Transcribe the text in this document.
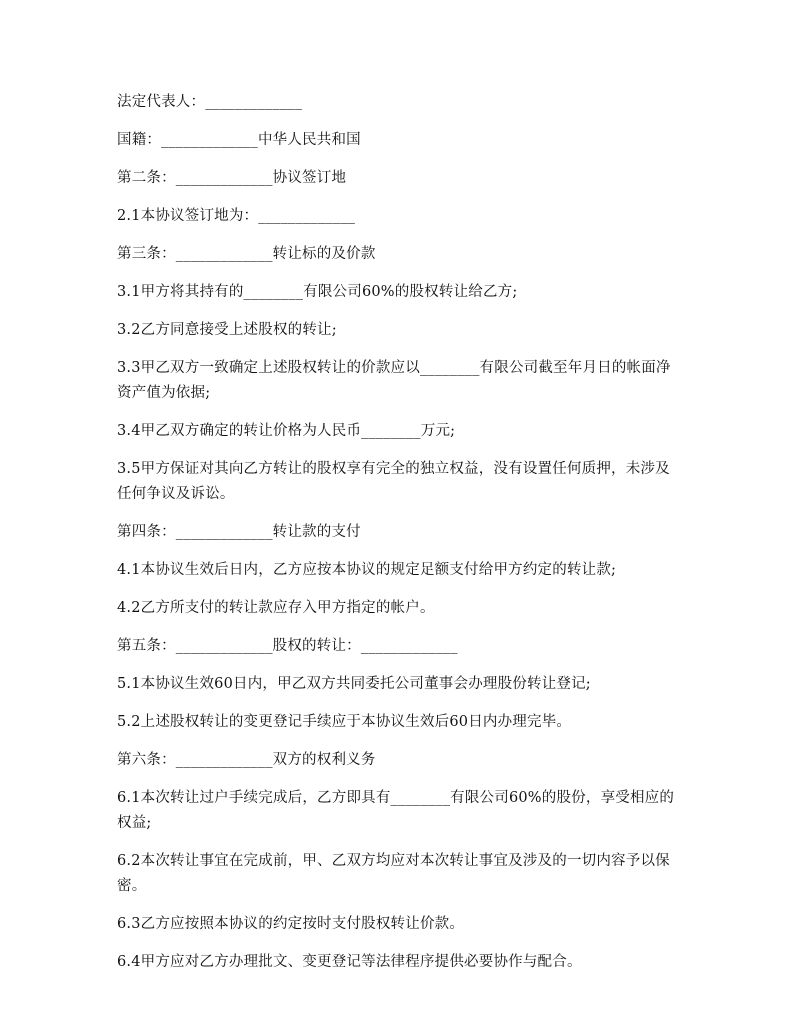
法定代表人：_____________

国籍：_____________中华人民共和国

第二条：_____________协议签订地

2.1本协议签订地为：_____________

第三条：_____________转让标的及价款

3.1甲方将其持有的________有限公司60%的股权转让给乙方;

3.2乙方同意接受上述股权的转让;

3.3甲乙双方一致确定上述股权转让的价款应以________有限公司截至年月日的帐面净资产值为依据;

3.4甲乙双方确定的转让价格为人民币________万元;

3.5甲方保证对其向乙方转让的股权享有完全的独立权益，没有设置任何质押，未涉及任何争议及诉讼。

第四条：_____________转让款的支付

4.1本协议生效后日内，乙方应按本协议的规定足额支付给甲方约定的转让款;

4.2乙方所支付的转让款应存入甲方指定的帐户。

第五条：_____________股权的转让：_____________

5.1本协议生效60日内，甲乙双方共同委托公司董事会办理股份转让登记;

5.2上述股权转让的变更登记手续应于本协议生效后60日内办理完毕。

第六条：_____________双方的权利义务

6.1本次转让过户手续完成后，乙方即具有________有限公司60%的股份，享受相应的权益;

6.2本次转让事宜在完成前，甲、乙双方均应对本次转让事宜及涉及的一切内容予以保密。

6.3乙方应按照本协议的约定按时支付股权转让价款。

6.4甲方应对乙方办理批文、变更登记等法律程序提供必要协作与配合。
